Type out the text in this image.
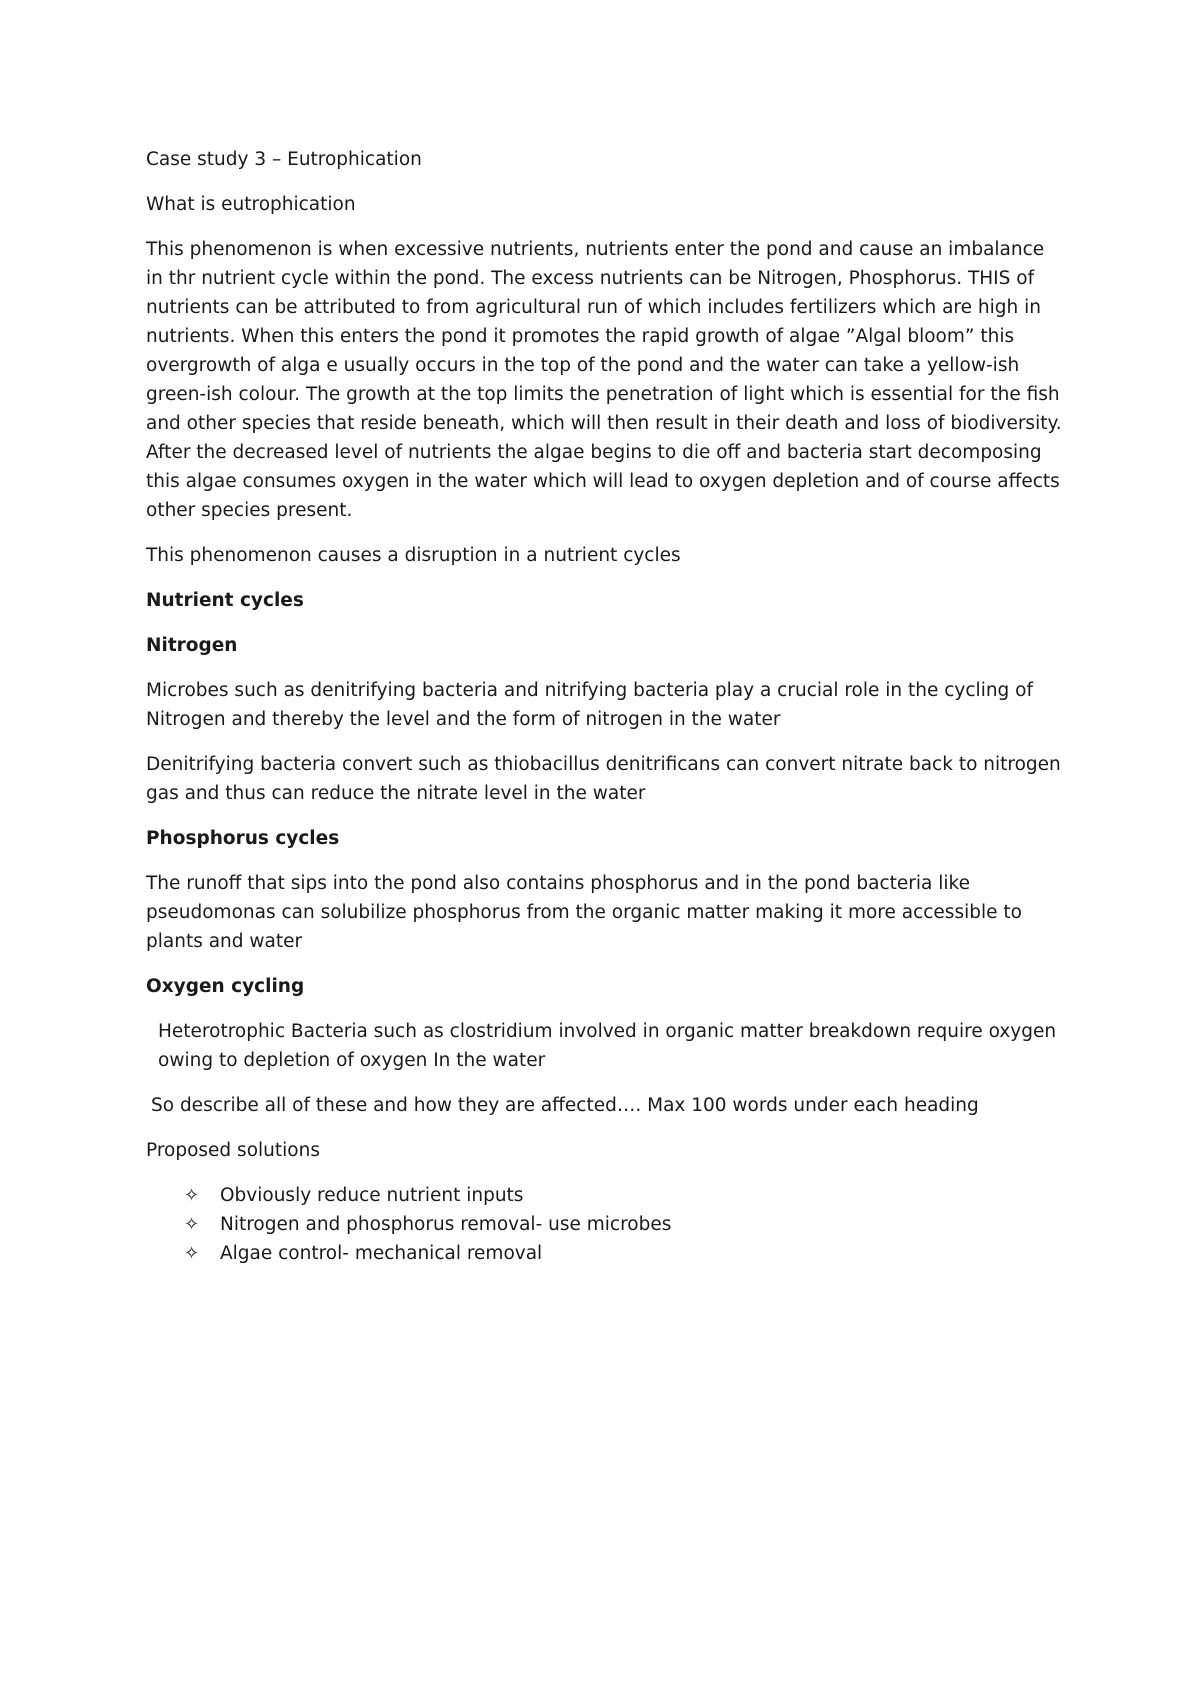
Case study 3 – Eutrophication

What is eutrophication

This phenomenon is when excessive nutrients, nutrients enter the pond and cause an imbalance in thr nutrient cycle within the pond. The excess nutrients can be Nitrogen, Phosphorus. THIS of nutrients can be attributed to from agricultural run of which includes fertilizers which are high in nutrients. When this enters the pond it promotes the rapid growth of algae ”Algal bloom” this overgrowth of alga e usually occurs in the top of the pond and the water can take a yellow-ish green-ish colour. The growth at the top limits the penetration of light which is essential for the fish and other species that reside beneath, which will then result in their death and loss of biodiversity. After the decreased level of nutrients the algae begins to die off and bacteria start decomposing this algae consumes oxygen in the water which will lead to oxygen depletion and of course affects other species present.

This phenomenon causes a disruption in a nutrient cycles

Nutrient cycles

Nitrogen

Microbes such as denitrifying bacteria and nitrifying bacteria play a crucial role in the cycling of Nitrogen and thereby the level and the form of nitrogen in the water

Denitrifying bacteria convert such as thiobacillus denitrificans can convert nitrate back to nitrogen gas and thus can reduce the nitrate level in the water

Phosphorus cycles

The runoff that sips into the pond also contains phosphorus and in the pond bacteria like pseudomonas can solubilize phosphorus from the organic matter making it more accessible to plants and water

Oxygen cycling

Heterotrophic Bacteria such as clostridium involved in organic matter breakdown require oxygen owing to depletion of oxygen In the water

So describe all of these and how they are affected…. Max 100 words under each heading

Proposed solutions

✧ Obviously reduce nutrient inputs
✧ Nitrogen and phosphorus removal- use microbes
✧ Algae control- mechanical removal
